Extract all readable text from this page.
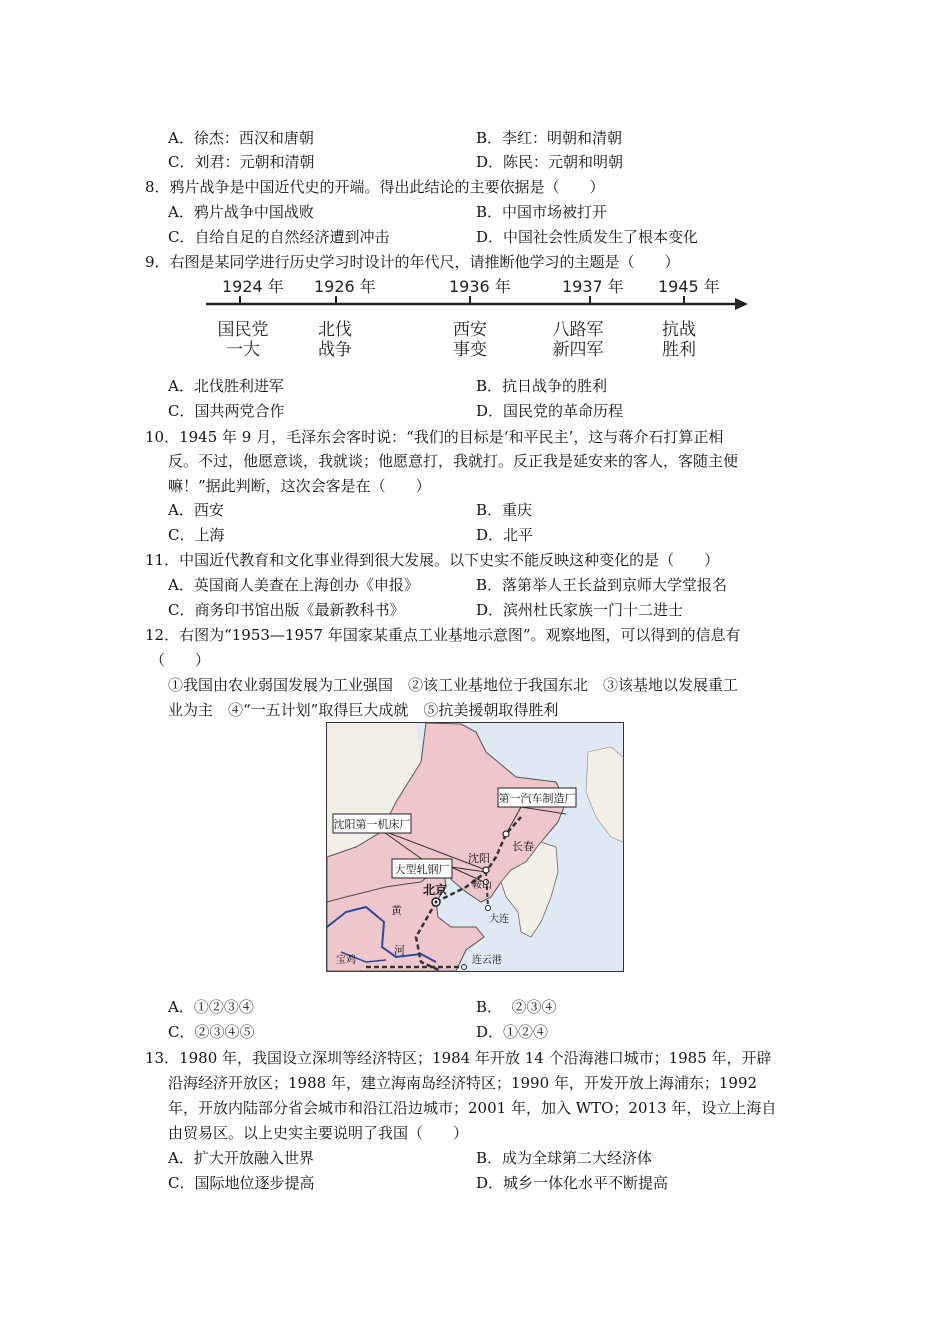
A．徐杰：西汉和唐朝	B．李红：明朝和清朝
C．刘君：元朝和清朝	D．陈民：元朝和明朝
8．鸦片战争是中国近代史的开端。得出此结论的主要依据是（　　）
A．鸦片战争中国战败	B．中国市场被打开
C．自给自足的自然经济遭到冲击	D．中国社会性质发生了根本变化
9．右图是某同学进行历史学习时设计的年代尺，请推断他学习的主题是（　　）
1924 年 1926 年	1936 年	1937 年 1945 年
国民党
一大
北伐
战争
西安
事变
八路军
新四军
抗战
胜利
A．北伐胜利进军	B．抗日战争的胜利
C．国共两党合作	D．国民党的革命历程
10．1945 年 9 月，毛泽东会客时说：“我们的目标是‘和平民主’，这与蒋介石打算正相
反。不过，他愿意谈，我就谈；他愿意打，我就打。反正我是延安来的客人，客随主便
嘛！”据此判断，这次会客是在（　　）
A．西安	B．重庆
C．上海	D．北平
11．中国近代教育和文化事业得到很大发展。以下史实不能反映这种变化的是（　　）
A．英国商人美查在上海创办《申报》	B．落第举人王长益到京师大学堂报名
C．商务印书馆出版《最新教科书》	D．滨州杜氏家族一门十二进士
12．右图为“1953—1957 年国家某重点工业基地示意图”。观察地图，可以得到的信息有
（　　）
①我国由农业弱国发展为工业强国　②该工业基地位于我国东北　③该基地以发展重工
业为主　④“一五计划”取得巨大成就　⑤抗美援朝取得胜利
第一汽车制造厂
沈阳第一机床厂
大型轧钢厂
长春
沈阳
鞍山
北京
大连
宝鸡	连云港
黄
河
A．①②③④	B．  ②③④
C．②③④⑤	D．①②④
13．1980 年，我国设立深圳等经济特区；1984 年开放 14 个沿海港口城市；1985 年，开辟
沿海经济开放区；1988 年，建立海南岛经济特区；1990 年，开发开放上海浦东；1992
年，开放内陆部分省会城市和沿江沿边城市；2001 年，加入 WTO；2013 年，设立上海自
由贸易区。以上史实主要说明了我国（　　）
A．扩大开放融入世界	B．成为全球第二大经济体
C．国际地位逐步提高	D．城乡一体化水平不断提高
